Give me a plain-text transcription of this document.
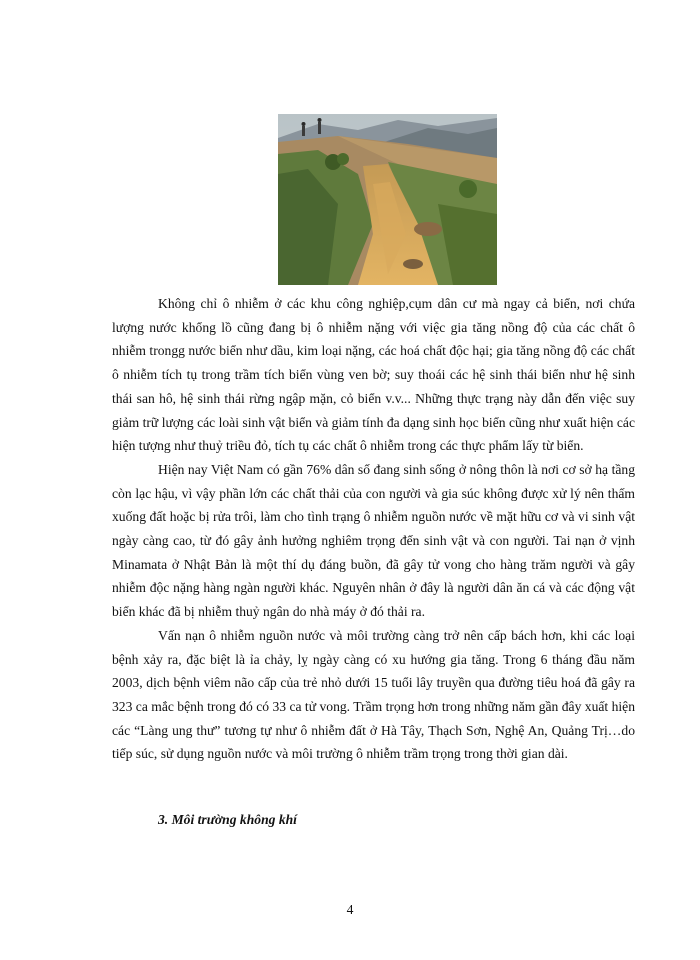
Không chỉ ô nhiễm ở các khu công nghiệp,cụm dân cư mà ngay cả biển, nơi chứa lượng nước khổng lồ cũng đang bị ô nhiễm nặng với việc gia tăng nồng độ của các chất ô nhiễm trongg nước biển như dầu, kim loại nặng, các hoá chất độc hại; gia tăng nồng độ các chất ô nhiễm tích tụ trong trầm tích biển vùng ven bờ; suy thoái các hệ sinh thái biển như hệ sinh thái san hô, hệ sinh thái rừng ngập mặn, cỏ biển v.v... Những thực trạng này dẫn đến việc suy giảm trữ lượng các loài sinh vật biển và giảm tính đa dạng sinh học biển cũng như xuất hiện các hiện tượng như thuỷ triều đỏ, tích tụ các chất ô nhiễm trong các thực phẩm lấy từ biển.

Hiện nay Việt Nam có gần 76% dân số đang sinh sống ở nông thôn là nơi cơ sở hạ tầng còn lạc hậu, vì vậy phần lớn các chất thải của con người và gia súc không được xử lý nên thấm xuống đất hoặc bị rửa trôi, làm cho tình trạng ô nhiễm nguồn nước về mặt hữu cơ và vi sinh vật ngày càng cao, từ đó gây ảnh hưởng nghiêm trọng đến sinh vật và con người. Tai nạn ở vịnh Minamata ở Nhật Bản là một thí dụ đáng buồn, đã gây tử vong cho hàng trăm người và gây nhiễm độc nặng hàng ngàn người khác. Nguyên nhân ở đây là người dân ăn cá và các động vật biển khác đã bị nhiễm thuỷ ngân do nhà máy ở đó thải ra.

Vấn nạn ô nhiễm nguồn nước và môi trường càng trở nên cấp bách hơn, khi các loại bệnh xảy ra, đặc biệt là ỉa chảy, lỵ ngày càng có xu hướng gia tăng. Trong 6 tháng đầu năm 2003, dịch bệnh viêm não cấp của trẻ nhỏ dưới 15 tuổi lây truyền qua đường tiêu hoá đã gây ra 323 ca mắc bệnh trong đó có 33 ca tử vong. Trầm trọng hơn trong những năm gần đây xuất hiện các “Làng ung thư” tương tự như ô nhiễm đất ở Hà Tây, Thạch Sơn, Nghệ An, Quảng Trị…do tiếp súc, sử dụng nguồn nước và môi trường ô nhiễm trầm trọng trong thời gian dài.

3. Môi trường không khí
4
